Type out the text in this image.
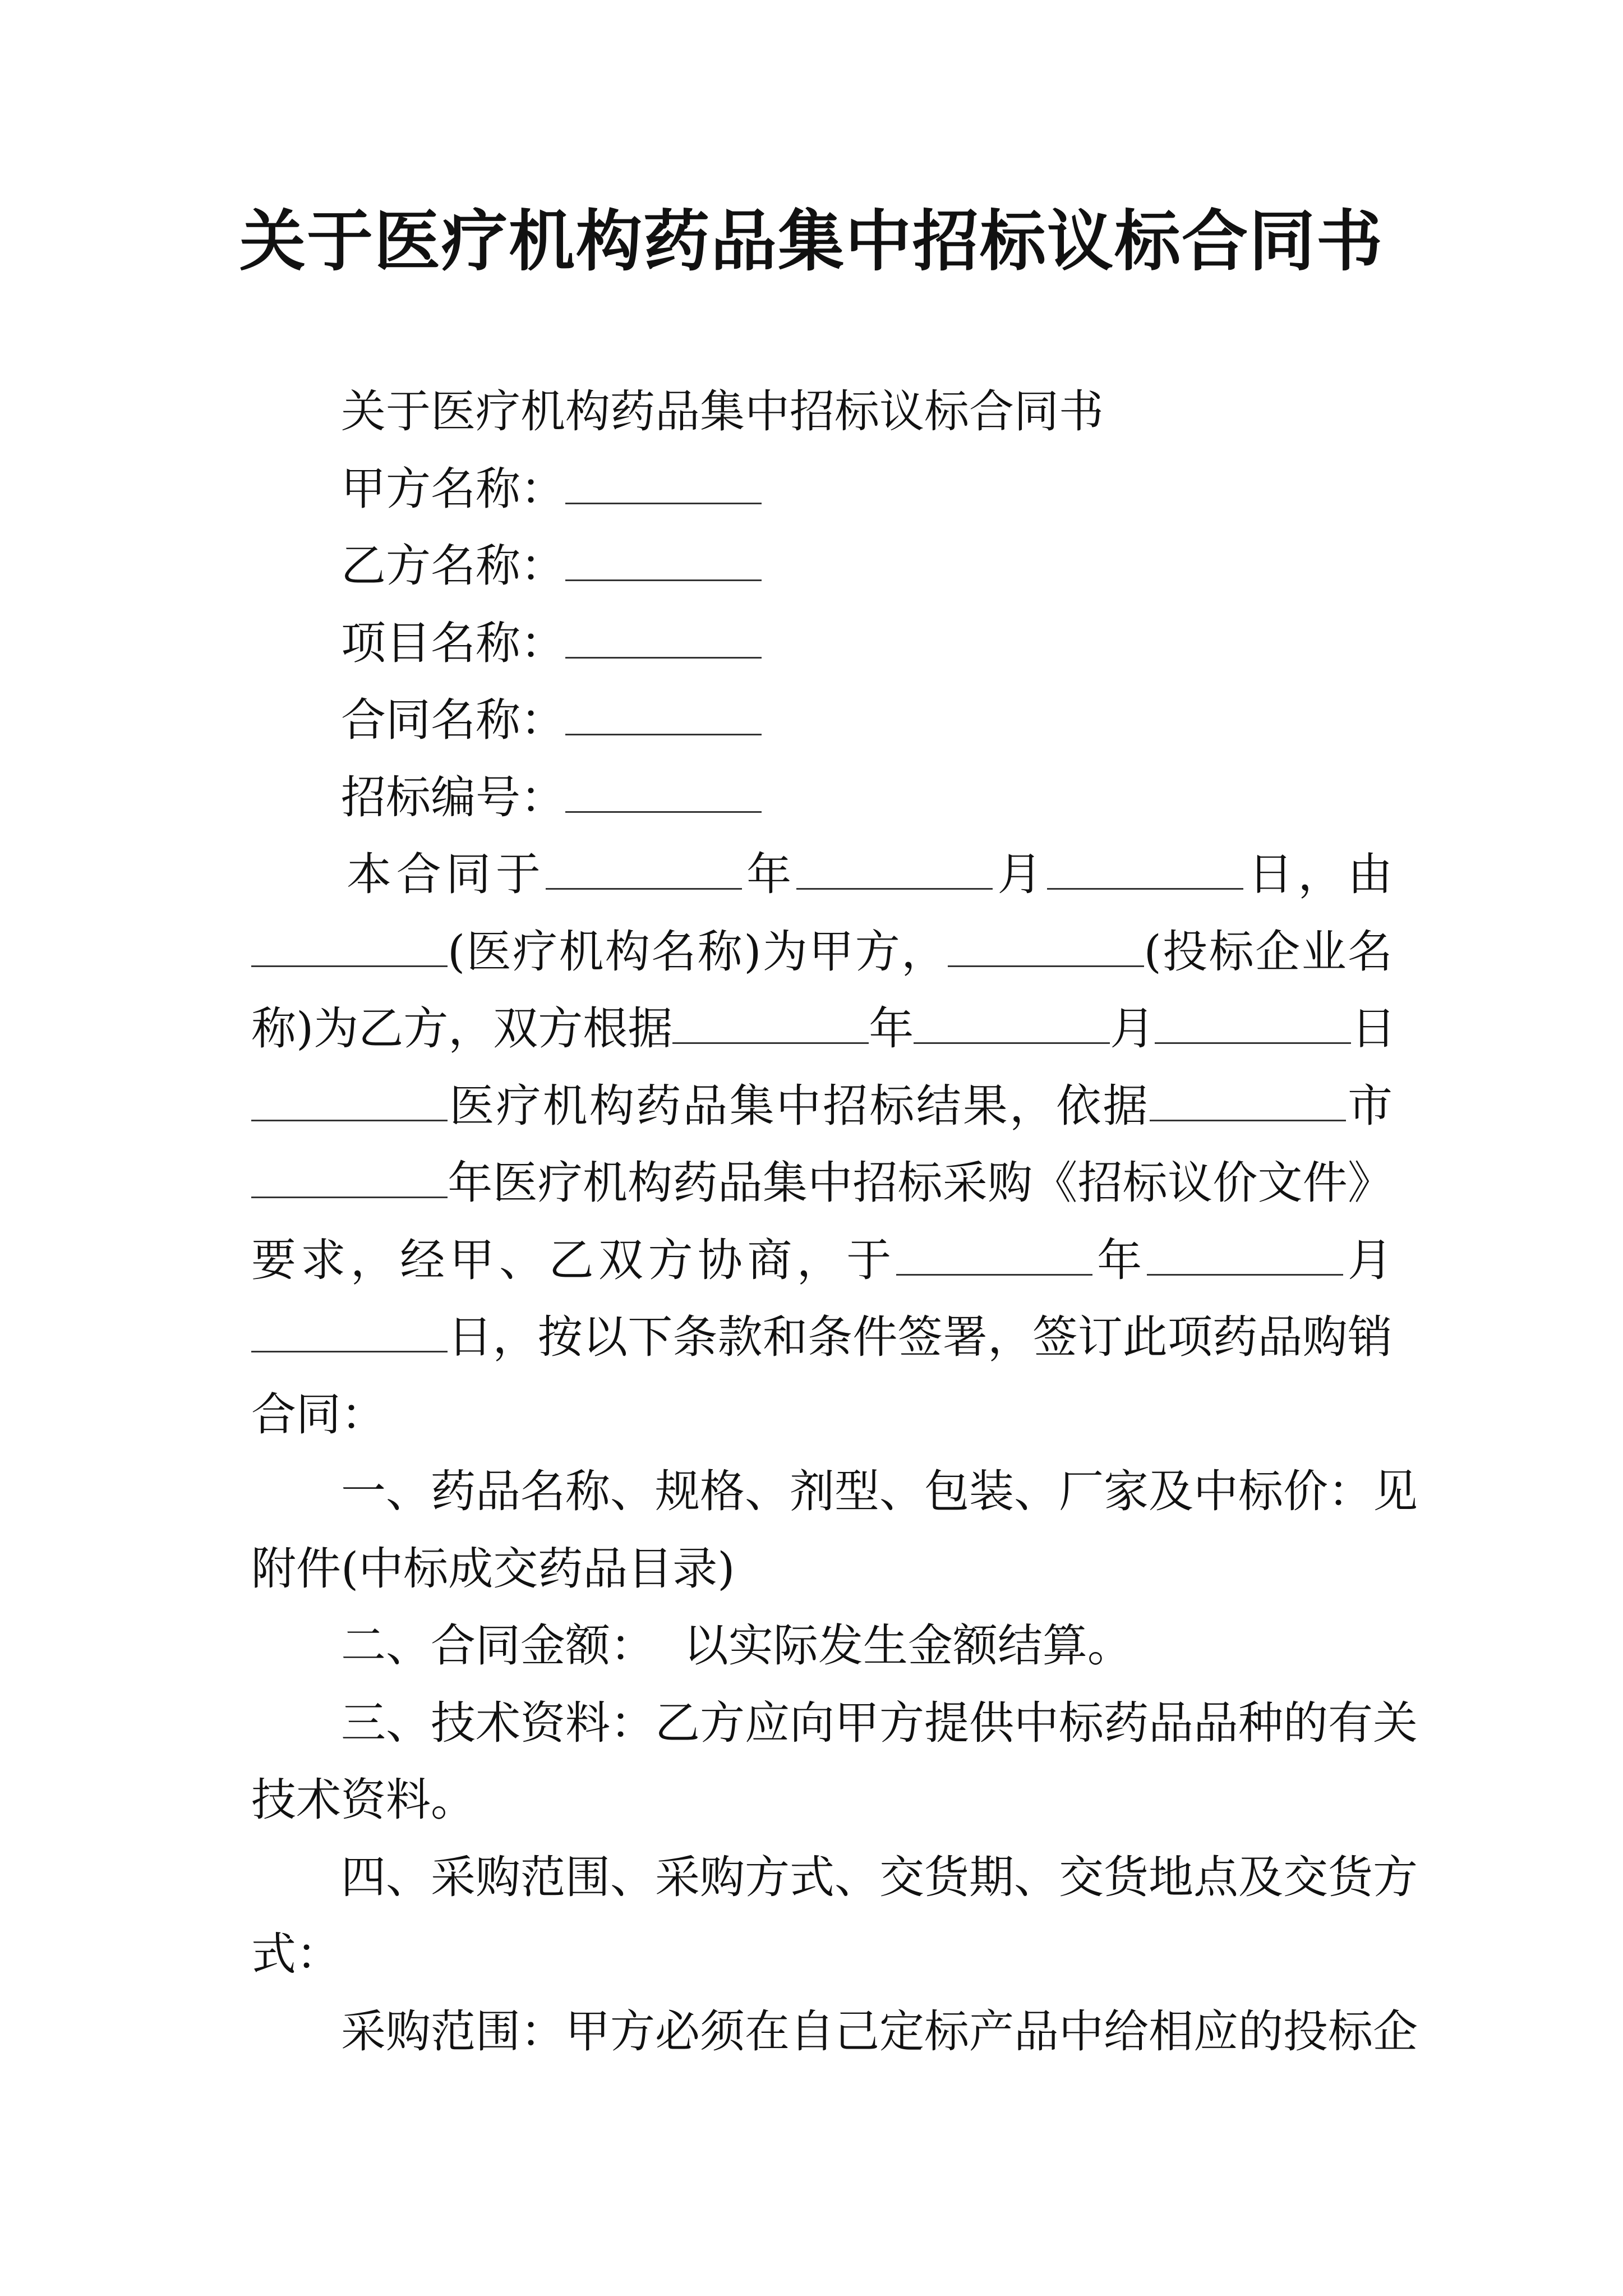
关于医疗机构药品集中招标议标合同书
关于医疗机构药品集中招标议标合同书
甲方名称：
乙方名称：
项目名称：
合同名称：
招标编号：
本合同于	年	月	日，由
(医疗机构名称)为甲方，	(投标企业名
称)为乙方，双方根据	年	月	日
医疗机构药品集中招标结果，依据	市
年医疗机构药品集中招标采购《招标议价文件》
要求，经甲、乙双方协商，于	年	月
日，按以下条款和条件签署，签订此项药品购销
合同：
一、药品名称、规格、剂型、包装、厂家及中标价：见
附件(中标成交药品目录)
二、合同金额：  以实际发生金额结算。
三、技术资料：乙方应向甲方提供中标药品品种的有关
技术资料。
四、采购范围、采购方式、交货期、交货地点及交货方
式：
采购范围：甲方必须在自己定标产品中给相应的投标企
